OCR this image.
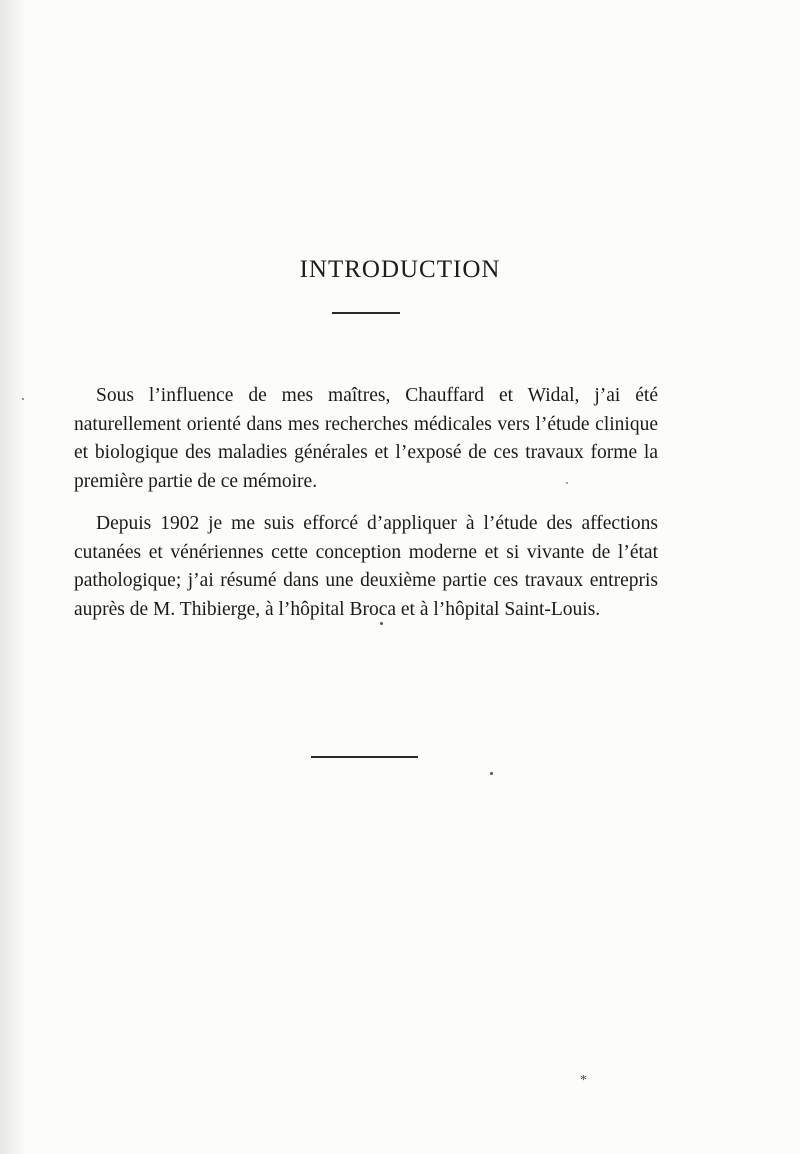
INTRODUCTION

Sous l’influence de mes maîtres, Chauffard et Widal, j’ai été naturellement orienté dans mes recherches médicales vers l’étude clinique et biologique des maladies générales et l’exposé de ces travaux forme la première partie de ce mémoire.

Depuis 1902 je me suis efforcé d’appliquer à l’étude des affections cutanées et vénériennes cette conception moderne et si vivante de l’état pathologique; j’ai résumé dans une deuxième partie ces travaux entrepris auprès de M. Thibierge, à l’hôpital Broca et à l’hôpital Saint-Louis.

*
